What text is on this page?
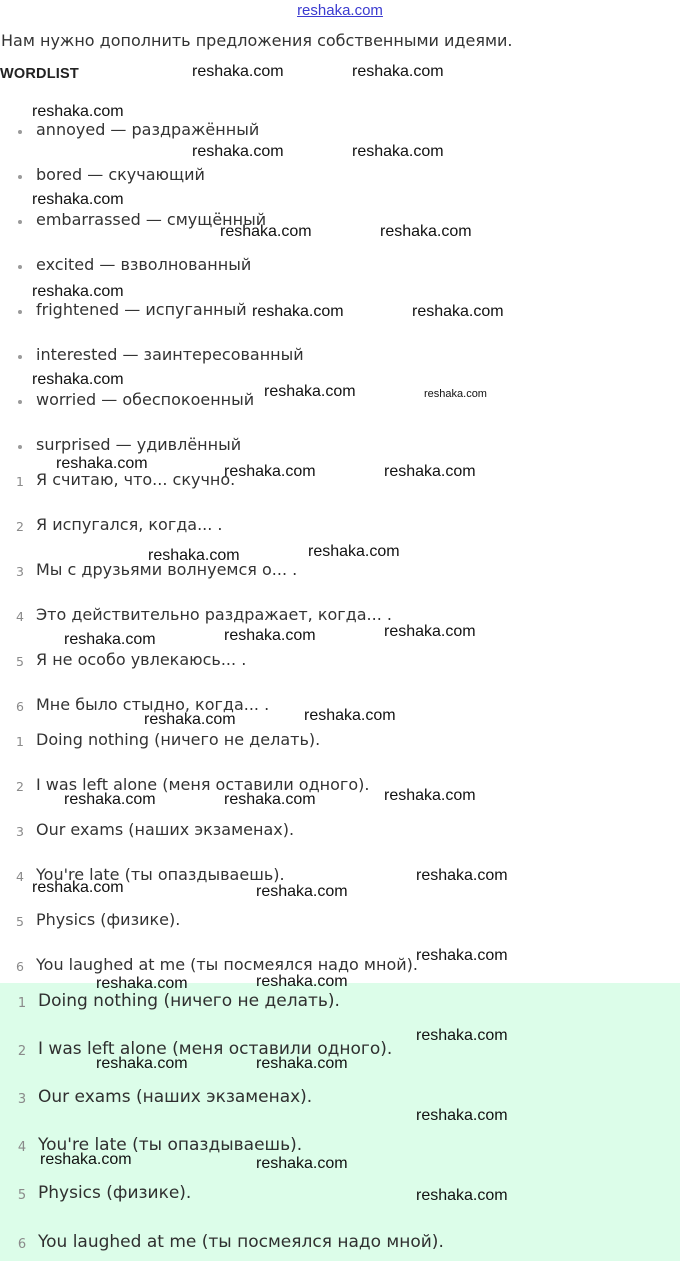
reshaka.com
Нам нужно дополнить предложения собственными идеями.
WORDLIST
annoyed — раздражённый
bored — скучающий
embarrassed — смущённый
excited — взволнованный
frightened — испуганный
interested — заинтересованный
worried — обеспокоенный
surprised — удивлённый
1 Я считаю, что... скучно.
2 Я испугался, когда... .
3 Мы с друзьями волнуемся о... .
4 Это действительно раздражает, когда... .
5 Я не особо увлекаюсь... .
6 Мне было стыдно, когда... .
1 Doing nothing (ничего не делать).
2 I was left alone (меня оставили одного).
3 Our exams (наших экзаменах).
4 You're late (ты опаздываешь).
5 Physics (физике).
6 You laughed at me (ты посмеялся надо мной).
1 Doing nothing (ничего не делать).
2 I was left alone (меня оставили одного).
3 Our exams (наших экзаменах).
4 You're late (ты опаздываешь).
5 Physics (физике).
6 You laughed at me (ты посмеялся надо мной).
reshaka.com	reshaka.com
reshaka.com
reshaka.com	reshaka.com
reshaka.com
reshaka.com	reshaka.com
reshaka.com
reshaka.com	reshaka.com
reshaka.com
reshaka.com	reshaka.com
reshaka.com	reshaka.com	reshaka.com
reshaka.com	reshaka.com
reshaka.com	reshaka.com	reshaka.com
reshaka.com	reshaka.com
reshaka.com	reshaka.com	reshaka.com
reshaka.com	reshaka.com
reshaka.com
reshaka.com
reshaka.com
reshaka.com
reshaka.com
reshaka.com	reshaka.com
reshaka.com
reshaka.com	reshaka.com
reshaka.com
